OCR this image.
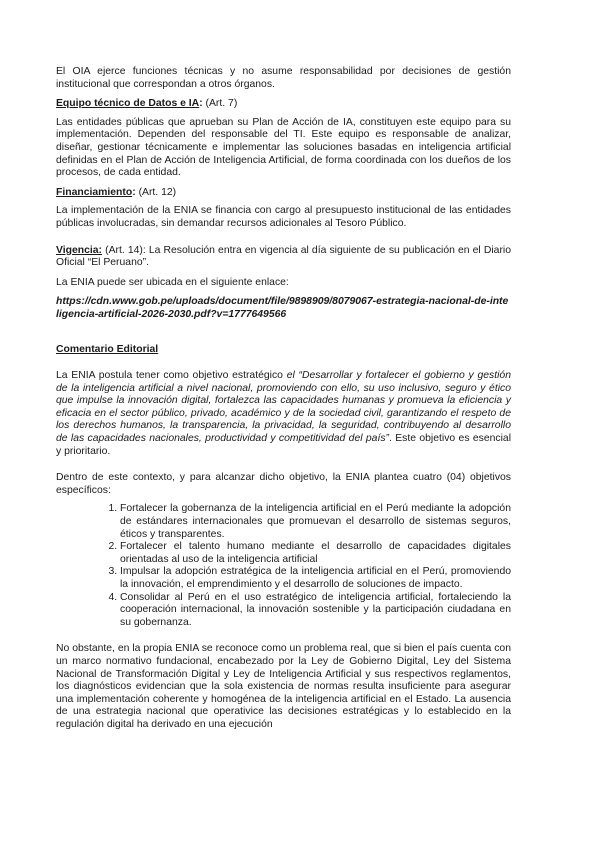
El OIA ejerce funciones técnicas y no asume responsabilidad por decisiones de gestión institucional que correspondan a otros órganos.

Equipo técnico de Datos e IA: (Art. 7)

Las entidades públicas que aprueban su Plan de Acción de IA, constituyen este equipo para su implementación. Dependen del responsable del TI. Este equipo es responsable de analizar, diseñar, gestionar técnicamente e implementar las soluciones basadas en inteligencia artificial definidas en el Plan de Acción de Inteligencia Artificial, de forma coordinada con los dueños de los procesos, de cada entidad.

Financiamiento: (Art. 12)

La implementación de la ENIA se financia con cargo al presupuesto institucional de las entidades públicas involucradas, sin demandar recursos adicionales al Tesoro Público.

Vigencia: (Art. 14): La Resolución entra en vigencia al día siguiente de su publicación en el Diario Oficial “El Peruano”.

La ENIA puede ser ubicada en el siguiente enlace:

https://cdn.www.gob.pe/uploads/document/file/9898909/8079067-estrategia-nacional-de-inteligencia-artificial-2026-2030.pdf?v=1777649566

Comentario Editorial

La ENIA postula tener como objetivo estratégico el “Desarrollar y fortalecer el gobierno y gestión de la inteligencia artificial a nivel nacional, promoviendo con ello, su uso inclusivo, seguro y ético que impulse la innovación digital, fortalezca las capacidades humanas y promueva la eficiencia y eficacia en el sector público, privado, académico y de la sociedad civil, garantizando el respeto de los derechos humanos, la transparencia, la privacidad, la seguridad, contribuyendo al desarrollo de las capacidades nacionales, productividad y competitividad del país”. Este objetivo es esencial y prioritario.

Dentro de este contexto, y para alcanzar dicho objetivo, la ENIA plantea cuatro (04) objetivos específicos:

1. Fortalecer la gobernanza de la inteligencia artificial en el Perú mediante la adopción de estándares internacionales que promuevan el desarrollo de sistemas seguros, éticos y transparentes.
2. Fortalecer el talento humano mediante el desarrollo de capacidades digitales orientadas al uso de la inteligencia artificial
3. Impulsar la adopción estratégica de la inteligencia artificial en el Perú, promoviendo la innovación, el emprendimiento y el desarrollo de soluciones de impacto.
4. Consolidar al Perú en el uso estratégico de inteligencia artificial, fortaleciendo la cooperación internacional, la innovación sostenible y la participación ciudadana en su gobernanza.

No obstante, en la propia ENIA se reconoce como un problema real, que si bien el país cuenta con un marco normativo fundacional, encabezado por la Ley de Gobierno Digital, Ley del Sistema Nacional de Transformación Digital y Ley de Inteligencia Artificial y sus respectivos reglamentos, los diagnósticos evidencian que la sola existencia de normas resulta insuficiente para asegurar una implementación coherente y homogénea de la inteligencia artificial en el Estado. La ausencia de una estrategia nacional que operativice las decisiones estratégicas y lo establecido en la regulación digital ha derivado en una ejecución
